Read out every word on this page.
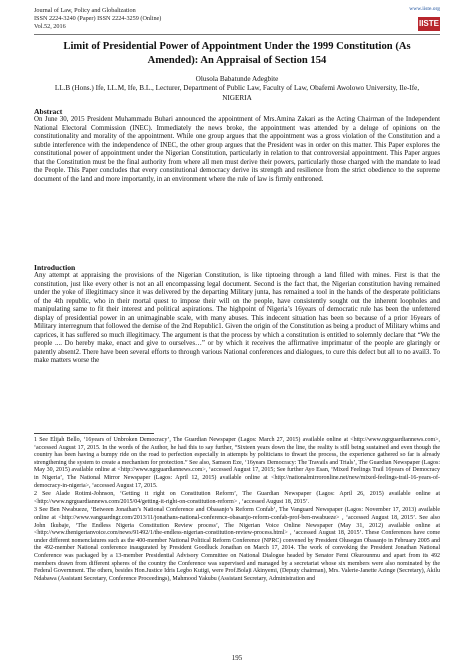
Journal of Law, Policy and Globalization
ISSN 2224-3240 (Paper) ISSN 2224-3259 (Online)
Vol.52, 2016
www.iiste.org
IISTE
Limit of Presidential Power of Appointment Under the 1999 Constitution (As Amended): An Appraisal of Section 154
Olusola Babatunde Adegbite
LL.B (Hons.) Ife, LL.M, Ife, B.L., Lecturer, Department of Public Law, Faculty of Law, Obafemi Awolowo University, Ile-Ife, NIGERIA
Abstract
On June 30, 2015 President Muhammadu Buhari announced the appointment of Mrs.Amina Zakari as the Acting Chairman of the Independent National Electoral Commission (INEC). Immediately the news broke, the appointment was attended by a deluge of opinions on the constitutionality and morality of the appointment. While one group argues that the appointment was a gross violation of the Constitution and a subtle interference with the independence of INEC, the other group argues that the President was in order on this matter. This Paper explores the constitutional power of appointment under the Nigerian Constitution, particularly in relation to that controversial appointment. This Paper argues that the Constitution must be the final authority from where all men must derive their powers, particularly those charged with the mandate to lead the People. This Paper concludes that every constitutional democracy derive its strength and resilience from the strict obedience to the supreme document of the land and more importantly, in an environment where the rule of law is firmly enthroned.
Introduction
Any attempt at appraising the provisions of the Nigerian Constitution, is like tiptoeing through a land filled with mines. First is that the constitution, just like every other is not an all encompassing legal document. Second is the fact that, the Nigerian constitution having remained under the yoke of illegitimacy since it was delivered by the departing Military junta, has remained a tool in the hands of the desperate politicians of the 4th republic, who in their mortal quest to impose their will on the people, have consistently sought out the inherent loopholes and manipulating same to fit their interest and political aspirations. The highpoint of Nigeria’s 16years of democratic rule has been the unfettered display of presidential power in an unimaginable scale, with many abuses. This indecent situation has been so because of a prior 16years of Military interregnum that followed the demise of the 2nd Republic1. Given the origin of the Constitution as being a product of Military whims and caprices, it has suffered so much illegitimacy. The argument is that the process by which a constitution is entitled to solemnly declare that “We the people .... Do hereby make, enact and give to ourselves…” or by which it receives the affirmative imprimatur of the people are glaringly or patently absent2. There have been several efforts to through various National conferences and dialogues, to cure this defect but all to no avail3. To make matters worse the

1 See Elijah Bello, ‘16years of Unbroken Democracy’, The Guardian Newspaper (Lagos: March 27, 2015) available online at <http://www.ngrguardiannews.com>, ‘accessed August 17, 2015. In the words of the Author, he had this to say further, “Sixteen years down the line, the reality is still being sustained and even though the country has been having a bumpy ride on the road to perfection especially in attempts by politicians to thwart the process, the experience gathered so far is already strengthening the system to create a mechanism for protection.” See also, Samson Eze, ‘16years Democracy: The Travails and Trials’, The Guardian Newspaper (Lagos: May 30, 2015) available online at <http://www.ngrguardiannews.com>, ‘accessed August 17, 2015; See further Ayo Esan, ‘Mixed Feelings Trail 16years of Democracy in Nigeria’, The National Mirror Newspaper (Lagos: April 12, 2015) available online at <http://nationalmirroronline.net/new/mixed-feelings-trail-16-years-of-democracy-in-nigeria>, ‘accessed August 17, 2015.

2 See Alade Rotimi-Johnson, ‘Getting it right on Constitution Reform’, The Guardian Newspaper (Lagos: April 26, 2015) available online at <http://www.ngrguardiannews.com/2015/04/getting-it-right-on-constitution-reform> , ‘accessed August 18, 2015’.

3 See Ben Nwabueze, ‘Between Jonathan’s National Conference and Obasanjo’s Reform Confab’, The Vanguard Newspaper (Lagos: November 17, 2013) available online at <http://www.vanguardngr.com/2013/11/jonathans-national-conference-obasanjo-reform-confab-prof-ben-nwabueze> , ‘accessed August 18, 2015’. See also John Ikubaje, ‘The Endless Nigeria Constitution Review process’, The Nigerian Voice Online Newspaper (May 31, 2012) available online at <http://www.thenigerianvoice.com/news/91492/1/the-endless-nigerian-constitution-review-process.html> , ‘accessed August 18, 2015’. These Conferences have come under different nomenclatures such as the 400-member National Political Reform Conference (NPRC) convened by President Olusegun Obasanjo in February 2005 and the 492-member National conference inaugurated by President Goodluck Jonathan on March 17, 2014. The work of convoking the President Jonathan National Conference was packaged by a 13-member Presidential Advisory Committee on National Dialogue headed by Senator Femi Okurounmu and apart from its 492 members drawn from different spheres of the country the Conference was supervised and managed by a secretariat whose six members were also nominated by the Federal Government. The others, besides Hon.Justice Idris Legbo Kutigi, were Prof.Bolaji Akinyemi, (Deputy chairman), Mrs. Valerie-Janette Azinge (Secretary), Akilu Ndabawa (Assistant Secretary, Conference Proceedings), Mahmood Yakubu (Assistant Secretary, Administration and

195
